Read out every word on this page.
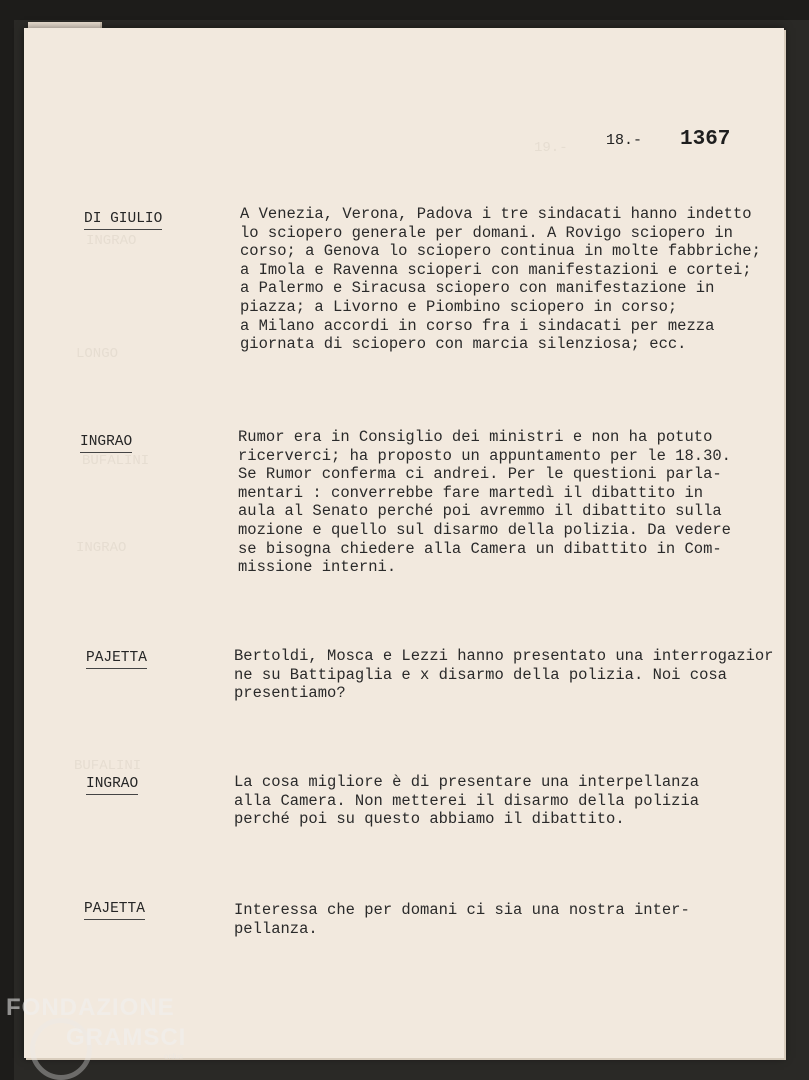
19.-
INGRAO
LONGO
BUFALINI
INGRAO
BUFALINI
18.- 1367
DI GIULIO	A Venezia, Verona, Padova i tre sindacati hanno indetto
lo sciopero generale per domani. A Rovigo sciopero in
corso; a Genova lo sciopero continua in molte fabbriche;
a Imola e Ravenna scioperi con manifestazioni e cortei;
a Palermo e Siracusa sciopero con manifestazione in
piazza; a Livorno e Piombino sciopero in corso;
a Milano accordi in corso fra i sindacati per mezza
giornata di sciopero con marcia silenziosa; ecc.
INGRAO	Rumor era in Consiglio dei ministri e non ha potuto
ricerverci; ha proposto un appuntamento per le 18.30.
Se Rumor conferma ci andrei. Per le questioni parla-
mentari : converrebbe fare martedì il dibattito in
aula al Senato perché poi avremmo il dibattito sulla
mozione e quello sul disarmo della polizia. Da vedere
se bisogna chiedere alla Camera un dibattito in Com-
missione interni.
PAJETTA	Bertoldi, Mosca e Lezzi hanno presentato una interrogazior
ne su Battipaglia e x disarmo della polizia. Noi cosa
presentiamo?
INGRAO	La cosa migliore è di presentare una interpellanza
alla Camera. Non metterei il disarmo della polizia
perché poi su questo abbiamo il dibattito.
PAJETTA	Interessa che per domani ci sia una nostra inter-
pellanza.
FONDAZIONE
GRAMSCI
onlus
